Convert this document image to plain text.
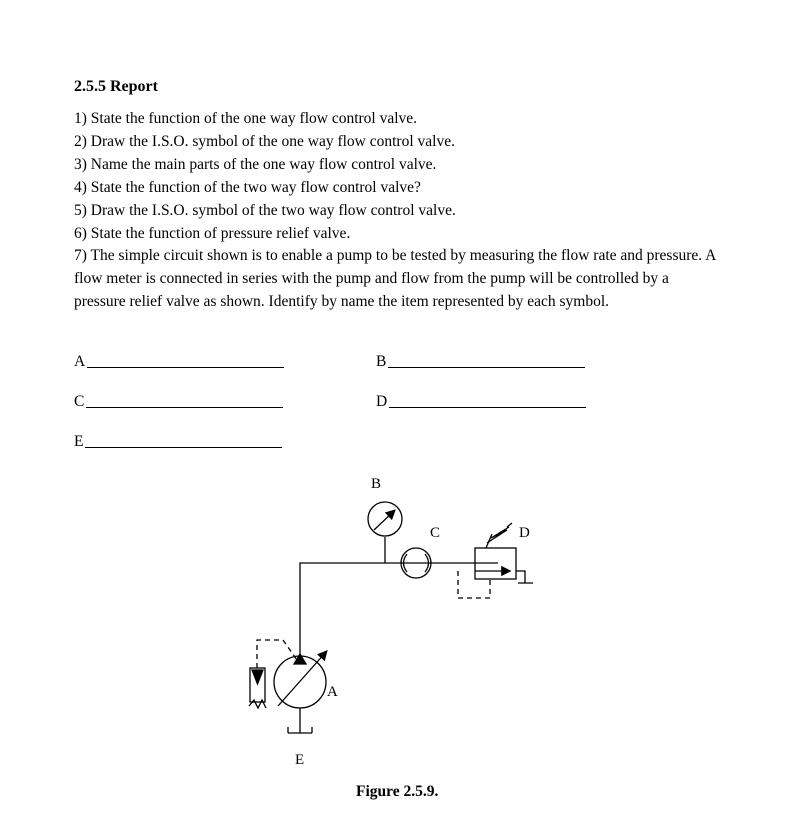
2.5.5 Report
1) State the function of the one way flow control valve.
2) Draw the I.S.O. symbol of the one way flow control valve.
3) Name the main parts of the one way flow control valve.
4) State the function of the two way flow control valve?
5) Draw the I.S.O. symbol of the two way flow control valve.
6) State the function of pressure relief valve.
7) The simple circuit shown is to enable a pump to be tested by measuring the flow rate and pressure. A flow meter is connected in series with the pump and flow from the pump will be controlled by a pressure relief valve as shown. Identify by name the item represented by each symbol.
A	B
C	D
E
B
C	D
A
E
Figure 2.5.9.
